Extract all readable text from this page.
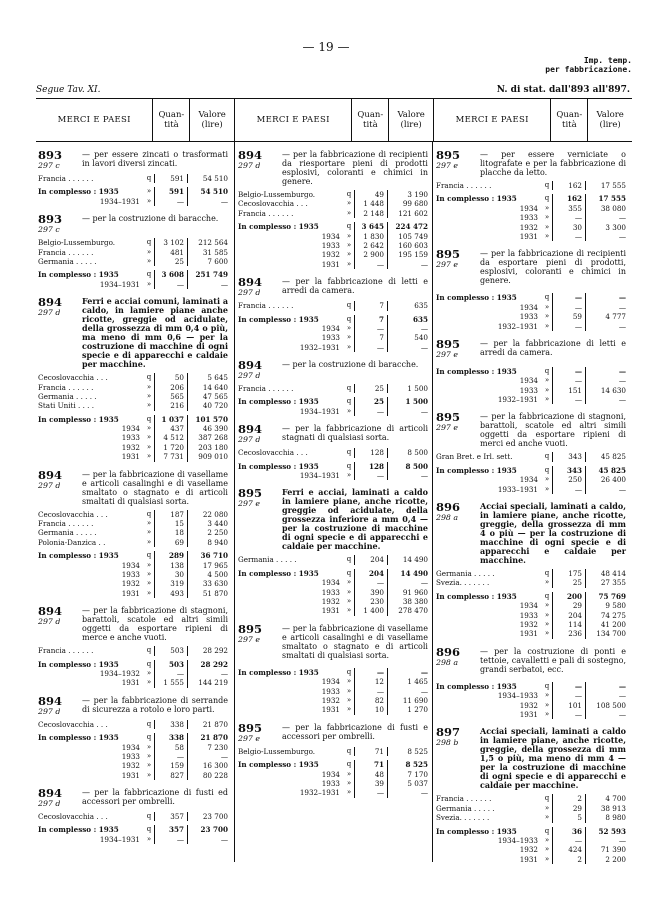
— 19 —
Imp. temp.
per fabbricazione.
Segue Tav. XI.	N. di stat. dall'893 all'897.
MERCI E PAESI	Quan-
tità	Valore
(lire)	MERCI E PAESI	Quan-
tità	Valore
(lire)	MERCI E PAESI	Quan-
tità	Valore
(lire)
893
297 c
— per essere zincati o trasformati in lavori diversi zincati.
Francia . . . . . .	q	591	54 510
In complesso : 1935	»	591	54 510
1934–1931 »	—	—
893
297 c
— per la costruzione di baracche.
Belgio-Lussemburgo.	q	3 102	212 564
Francia . . . . . .	»	481	31 585
Germania . . . . .	»	25	7 600
In complesso : 1935	q	3 608	251 749
1934–1931 »	—	—
894
297 d
Ferri e acciai comuni, laminati a caldo, in lamiere piane anche ricotte, greggie od acidulate, della grossezza di mm 0,4 o più, ma meno di mm 0,6 — per la costruzione di macchine di ogni specie e di apparecchi e caldaie per macchine.
Cecoslovacchia . . .	q	50	5 645
Francia . . . . . .	»	206	14 640
Germania . . . . .	»	565	47 565
Stati Uniti . . . .	»	216	40 720
In complesso : 1935	q	1 037	101 570
1934 »	437	46 390
1933 »	4 512	387 268
1932 »	1 720	203 180
1931 »	7 731	909 010
894
297 d
— per la fabbricazione di vasellame e articoli casalinghi e di vasellame smaltato o stagnato e di articoli smaltati di qualsiasi sorta.
Cecoslovacchia . . .	q	187	22 080
Francia . . . . . .	»	15	3 440
Germania . . . . .	»	18	2 250
Polonia-Danzica . .	»	69	8 940
In complesso : 1935	q	289	36 710
1934 »	138	17 965
1933 »	30	4 500
1932 »	319	33 630
1931 »	493	51 870
894
297 d
— per la fabbricazione di stagnoni, barattoli, scatole ed altri simili oggetti da esportare ripieni di merce e anche vuoti.
Francia . . . . . .	q	503	28 292
In complesso : 1935	q	503	28 292
1934–1932 »	—	—
1931 »	1 555	144 219
894
297 d
— per la fabbricazione di serrande di sicurezza a rotolo e loro parti.
Cecoslovacchia . . .	q	338	21 870
In complesso : 1935	q	338	21 870
1934 »	58	7 230
1933 »	—	—
1932 »	159	16 300
1931 »	827	80 228
894
297 d
— per la fabbricazione di fusti ed accessori per ombrelli.
Cecoslovacchia . . .	q	357	23 700
In complesso : 1935	q	357	23 700
1934–1931 »	—	—
894
297 d
— per la fabbricazione di recipienti da riesportare pieni di prodotti esplosivi, coloranti e chimici in genere.
Belgio-Lussemburgo.	q	49	3 190
Cecoslovacchia . . .	»	1 448	99 680
Francia . . . . . .	»	2 148	121 602
In complesso : 1935	q	3 645	224 472
1934 »	1 830	105 749
1933 »	2 642	160 603
1932 »	2 900	195 159
1931 »	—	—
894
297 d
— per la fabbricazione di letti e arredi da camera.
Francia . . . . . .	q	7	635
In complesso : 1935	q	7	635
1934 »	—	—
1933 »	7	540
1932–1931 »	—	—
894
297 d
— per la costruzione di baracche.
Francia . . . . . .	q	25	1 500
In complesso : 1935	q	25	1 500
1934–1931 »	—	—
894
297 d
— per la fabbricazione di articoli stagnati di qualsiasi sorta.
Cecoslovacchia . . .	q	128	8 500
In complesso : 1935	q	128	8 500
1934–1931 »	—	—
895
297 e
Ferri e acciai, laminati a caldo in lamiere piane, anche ricotte, greggie od acidulate, della grossezza inferiore a mm 0,4 — per la costruzione di macchine di ogni specie e di apparecchi e caldaie per macchine.
Germania . . . . .	q	204	14 490
In complesso : 1935	q	204	14 490
1934 »	—	—
1933 »	390	91 960
1932 »	230	38 380
1931 »	1 400	278 470
895
297 e
— per la fabbricazione di vasellame e articoli casalinghi e di vasellame smaltato o stagnato e di articoli smaltati di qualsiasi sorta.
In complesso : 1935	q	—	—
1934 »	12	1 465
1933 »	—	—
1932 »	82	11 690
1931 »	10	1 270
895
297 e
— per la fabbricazione di fusti e accessori per ombrelli.
Belgio-Lussemburgo.	q	71	8 525
In complesso : 1935	q	71	8 525
1934 »	48	7 170
1933 »	39	5 037
1932–1931 »	—	—
895
297 e
— per essere verniciate o litografate e per la fabbricazione di placche da letto.
Francia . . . . . .	q	162	17 555
In complesso : 1935	q	162	17 555
1934 »	355	38 080
1933 »	—	—
1932 »	30	3 300
1931 »	—	—
895
297 e
— per la fabbricazione di recipienti da esportare pieni di prodotti, esplosivi, coloranti e chimici in genere.
In complesso : 1935	q	—	—
1934 »	—	—
1933 »	59	4 777
1932–1931 »	—	—
895
297 e
— per la fabbricazione di letti e arredi da camera.
In complesso : 1935	q	—	—
1934 »	—	—
1933 »	151	14 630
1932–1931 »	—	—
895
297 e
— per la fabbricazione di stagnoni, barattoli, scatole ed altri simili oggetti da esportare ripieni di merci ed anche vuoti.
Gran Bret. e Irl. sett.	q	343	45 825
In complesso : 1935	q	343	45 825
1934 »	250	26 400
1933–1931 »	—	—
896
298 a
Acciai speciali, laminati a caldo, in lamiere piane, anche ricotte, greggie, della grossezza di mm 4 o più — per la costruzione di macchine di ogni specie e di apparecchi e caldaie per macchine.
Germania . . . . .	q	175	48 414
Svezia. . . . . . .	»	25	27 355
In complesso : 1935	q	200	75 769
1934 »	29	9 580
1933 »	204	74 275
1932 »	114	41 200
1931 »	236	134 700
896
298 a
— per la costruzione di ponti e tettoie, cavalletti e pali di sostegno, grandi serbatoi, ecc.
In complesso : 1935	q	—	—
1934–1933 »	—	—
1932 »	101	108 500
1931 »	—	—
897
298 b
Acciai speciali, laminati a caldo in lamiere piane, anche ricotte, greggie, della grossezza di mm 1,5 o più, ma meno di mm 4 — per la costruzione di macchine di ogni specie e di apparecchi e caldaie per macchine.
Francia . . . . . .	q	2	4 700
Germania . . . . .	»	29	38 913
Svezia. . . . . . .	»	5	8 980
In complesso : 1935	q	36	52 593
1934–1933 »	—	—
1932 »	424	71 390
1931 »	2	2 200
